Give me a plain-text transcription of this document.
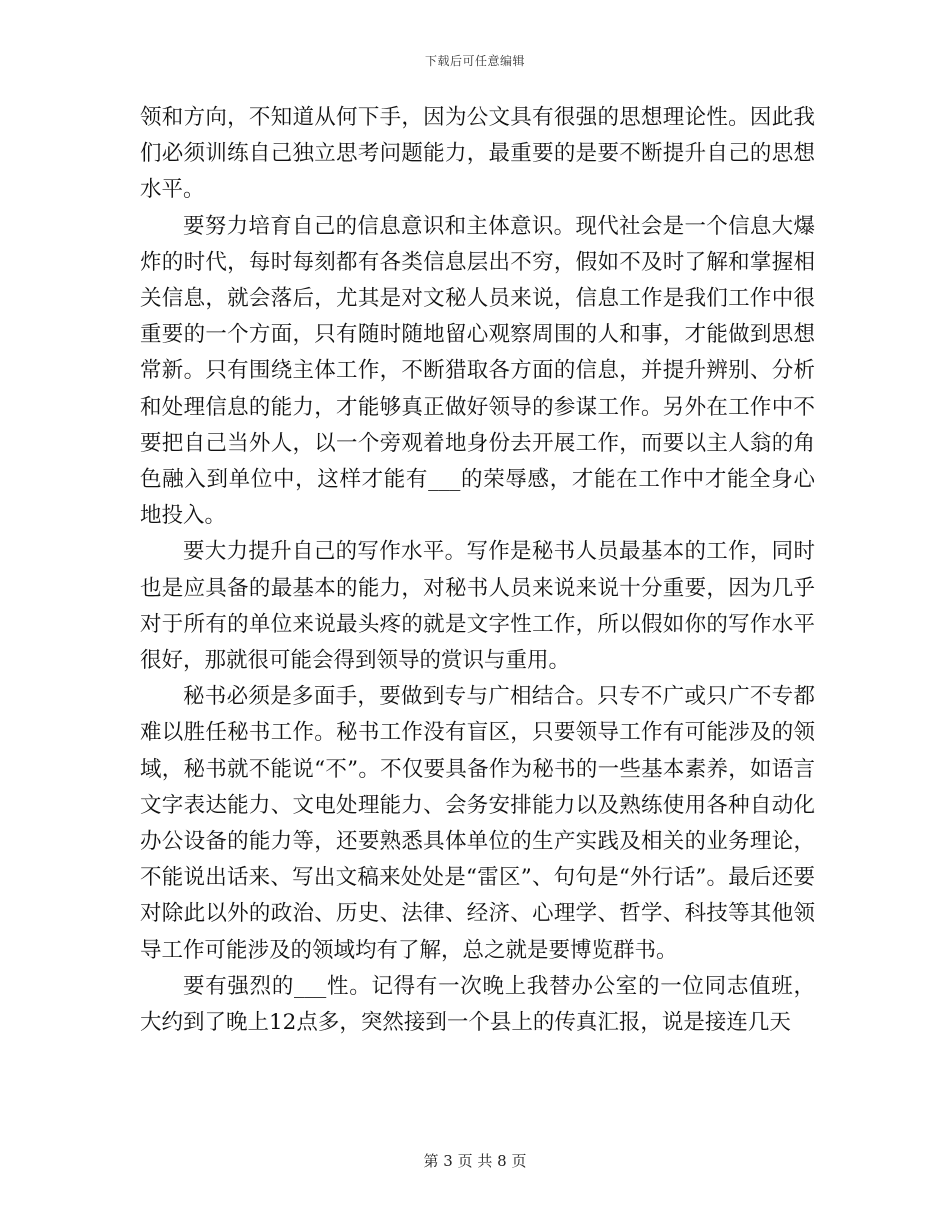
下载后可任意编辑

领和方向，不知道从何下手，因为公文具有很强的思想理论性。因此我们必须训练自己独立思考问题能力，最重要的是要不断提升自己的思想水平。

要努力培育自己的信息意识和主体意识。现代社会是一个信息大爆炸的时代，每时每刻都有各类信息层出不穷，假如不及时了解和掌握相关信息，就会落后，尤其是对文秘人员来说，信息工作是我们工作中很重要的一个方面，只有随时随地留心观察周围的人和事，才能做到思想常新。只有围绕主体工作，不断猎取各方面的信息，并提升辨别、分析和处理信息的能力，才能够真正做好领导的参谋工作。另外在工作中不要把自己当外人，以一个旁观着地身份去开展工作，而要以主人翁的角色融入到单位中，这样才能有___的荣辱感，才能在工作中才能全身心地投入。

要大力提升自己的写作水平。写作是秘书人员最基本的工作，同时也是应具备的最基本的能力，对秘书人员来说来说十分重要，因为几乎对于所有的单位来说最头疼的就是文字性工作，所以假如你的写作水平很好，那就很可能会得到领导的赏识与重用。

秘书必须是多面手，要做到专与广相结合。只专不广或只广不专都难以胜任秘书工作。秘书工作没有盲区，只要领导工作有可能涉及的领域，秘书就不能说“不”。不仅要具备作为秘书的一些基本素养，如语言文字表达能力、文电处理能力、会务安排能力以及熟练使用各种自动化办公设备的能力等，还要熟悉具体单位的生产实践及相关的业务理论，不能说出话来、写出文稿来处处是“雷区”、句句是“外行话”。最后还要对除此以外的政治、历史、法律、经济、心理学、哲学、科技等其他领导工作可能涉及的领域均有了解，总之就是要博览群书。

要有强烈的___性。记得有一次晚上我替办公室的一位同志值班，大约到了晚上12点多，突然接到一个县上的传真汇报，说是接连几天

第 3 页 共 8 页
